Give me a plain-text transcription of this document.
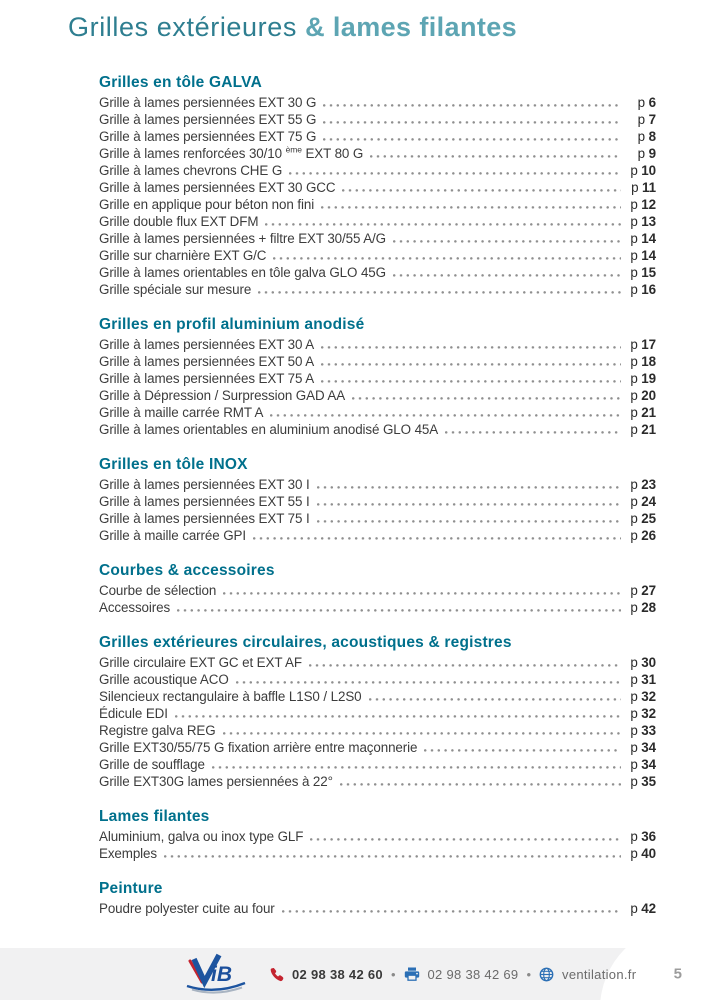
Grilles extérieures & lames filantes
Grilles en tôle GALVA
Grille à lames persiennées EXT 30 G	p 6
Grille à lames persiennées EXT 55 G	p 7
Grille à lames persiennées EXT 75 G	p 8
Grille à lames renforcées 30/10 $^{ème}$ EXT 80 G	p 9
Grille à lames chevrons CHE G	p 10
Grille à lames persiennées EXT 30 GCC	p 11
Grille en applique pour béton non fini	p 12
Grille double flux EXT DFM	p 13
Grille à lames persiennées + filtre EXT 30/55 A/G	p 14
Grille sur charnière EXT G/C	p 14
Grille à lames orientables en tôle galva GLO 45G	p 15
Grille spéciale sur mesure	p 16
Grilles en profil aluminium anodisé
Grille à lames persiennées EXT 30 A	p 17
Grille à lames persiennées EXT 50 A	p 18
Grille à lames persiennées EXT 75 A	p 19
Grille à Dépression / Surpression GAD AA	p 20
Grille à maille carrée RMT A	p 21
Grille à lames orientables en aluminium anodisé GLO 45A	p 21
Grilles en tôle INOX
Grille à lames persiennées EXT 30 I	p 23
Grille à lames persiennées EXT 55 I	p 24
Grille à lames persiennées EXT 75 I	p 25
Grille à maille carrée GPI	p 26
Courbes & accessoires
Courbe de sélection	p 27
Accessoires	p 28
Grilles extérieures circulaires, acoustiques & registres
Grille circulaire EXT GC et EXT AF	p 30
Grille acoustique ACO	p 31
Silencieux rectangulaire à baffle L1S0 / L2S0	p 32
Édicule EDI	p 32
Registre galva REG	p 33
Grille EXT30/55/75 G fixation arrière entre maçonnerie	p 34
Grille de soufflage	p 34
Grille EXT30G lames persiennées à 22°	p 35
Lames filantes
Aluminium, galva ou inox type GLF	p 36
Exemples	p 40
Peinture
Poudre polyester cuite au four	p 42
iB	02 98 38 42 60 • 02 98 38 42 69 • ventilation.fr 5
